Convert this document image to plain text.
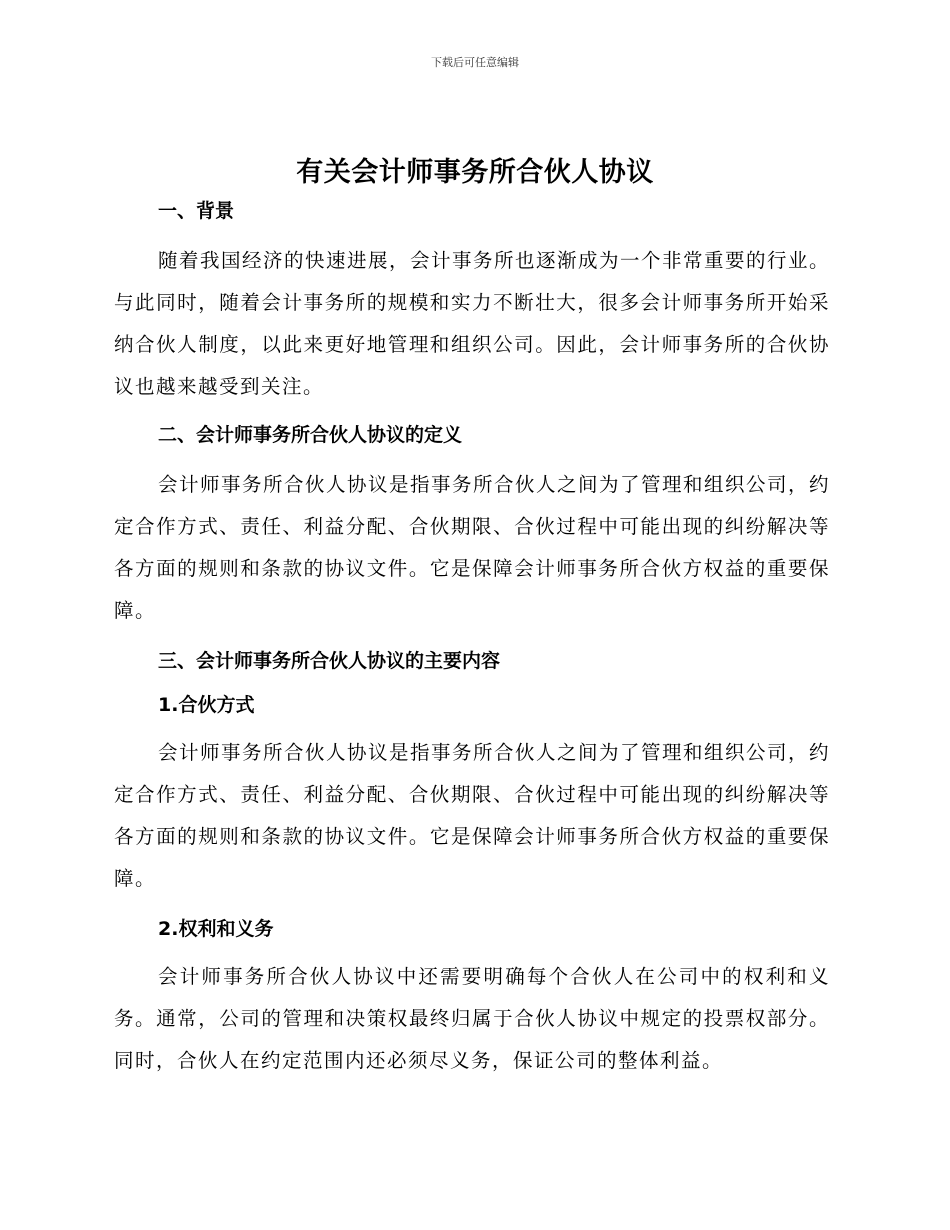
下载后可任意编辑
有关会计师事务所合伙人协议
一、背景

随着我国经济的快速进展，会计事务所也逐渐成为一个非常重要的行业。与此同时，随着会计事务所的规模和实力不断壮大，很多会计师事务所开始采纳合伙人制度，以此来更好地管理和组织公司。因此，会计师事务所的合伙协议也越来越受到关注。

二、会计师事务所合伙人协议的定义

会计师事务所合伙人协议是指事务所合伙人之间为了管理和组织公司，约定合作方式、责任、利益分配、合伙期限、合伙过程中可能出现的纠纷解决等各方面的规则和条款的协议文件。它是保障会计师事务所合伙方权益的重要保障。

三、会计师事务所合伙人协议的主要内容
1.合伙方式

会计师事务所合伙人协议是指事务所合伙人之间为了管理和组织公司，约定合作方式、责任、利益分配、合伙期限、合伙过程中可能出现的纠纷解决等各方面的规则和条款的协议文件。它是保障会计师事务所合伙方权益的重要保障。

2.权利和义务

会计师事务所合伙人协议中还需要明确每个合伙人在公司中的权利和义务。通常，公司的管理和决策权最终归属于合伙人协议中规定的投票权部分。同时，合伙人在约定范围内还必须尽义务，保证公司的整体利益。
